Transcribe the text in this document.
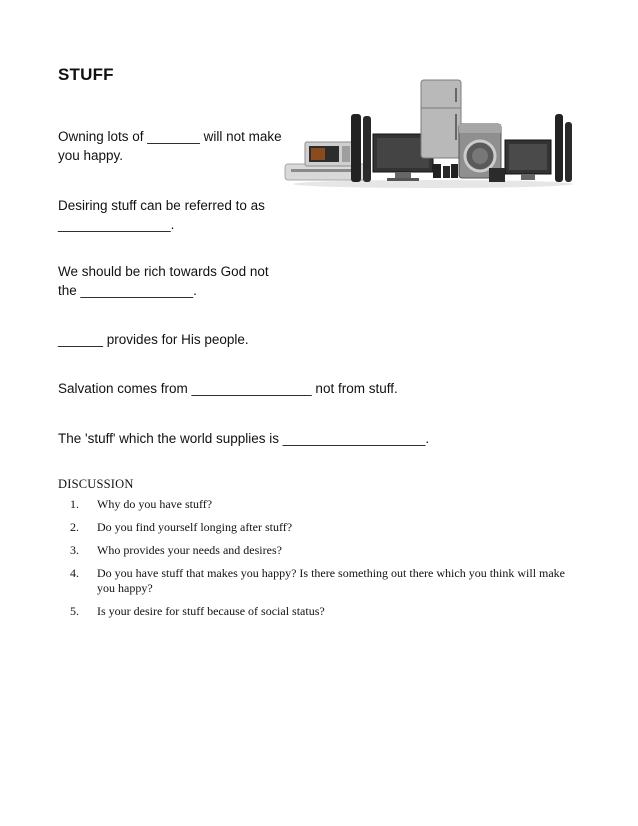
STUFF

Owning lots of _______ will not make you happy.

Desiring stuff can be referred to as _______________.

We should be rich towards God not the _______________.

______ provides for His people.

Salvation comes from ________________ not from stuff.

The 'stuff' which the world supplies is ___________________.

DISCUSSION

1.	Why do you have stuff?
2.	Do you find yourself longing after stuff?
3.	Who provides your needs and desires?
4.	Do you have stuff that makes you happy? Is there something out there which you think will make you happy?
5.	Is your desire for stuff because of social status?
